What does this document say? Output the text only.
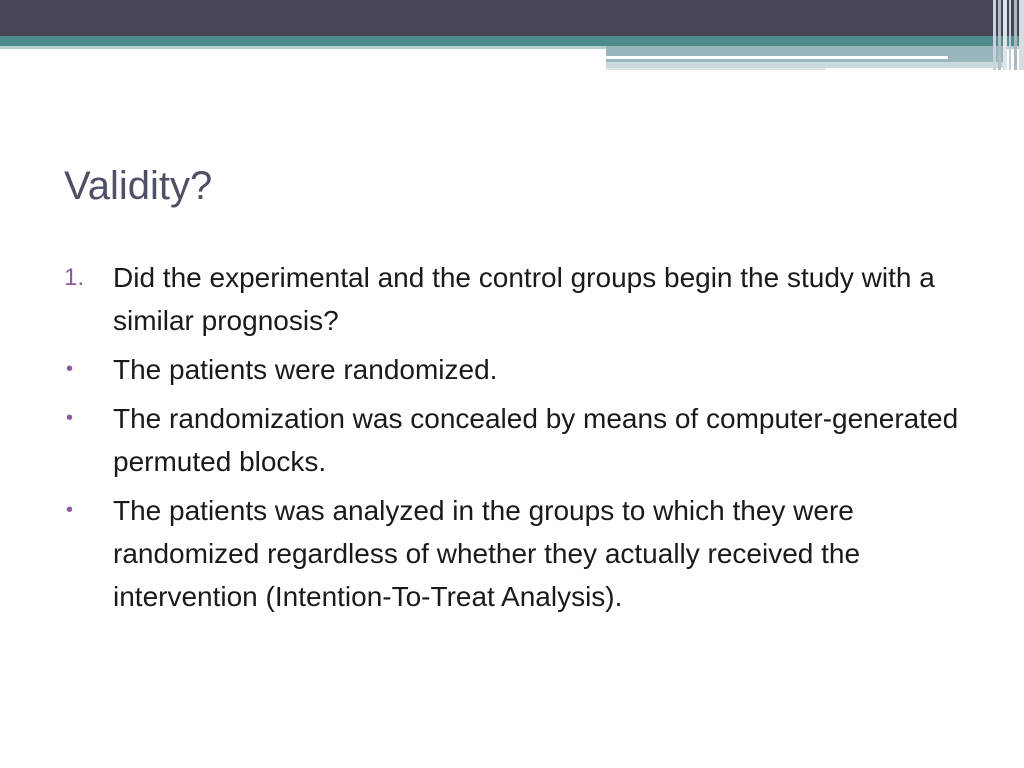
Validity?
1.	Did the experimental and the control groups begin the study with a similar prognosis?
•	The patients were randomized.
•	The randomization was concealed by means of computer-generated permuted blocks.
•	The patients was analyzed in the groups to which they were randomized regardless of whether they actually received the intervention (Intention-To-Treat Analysis).
